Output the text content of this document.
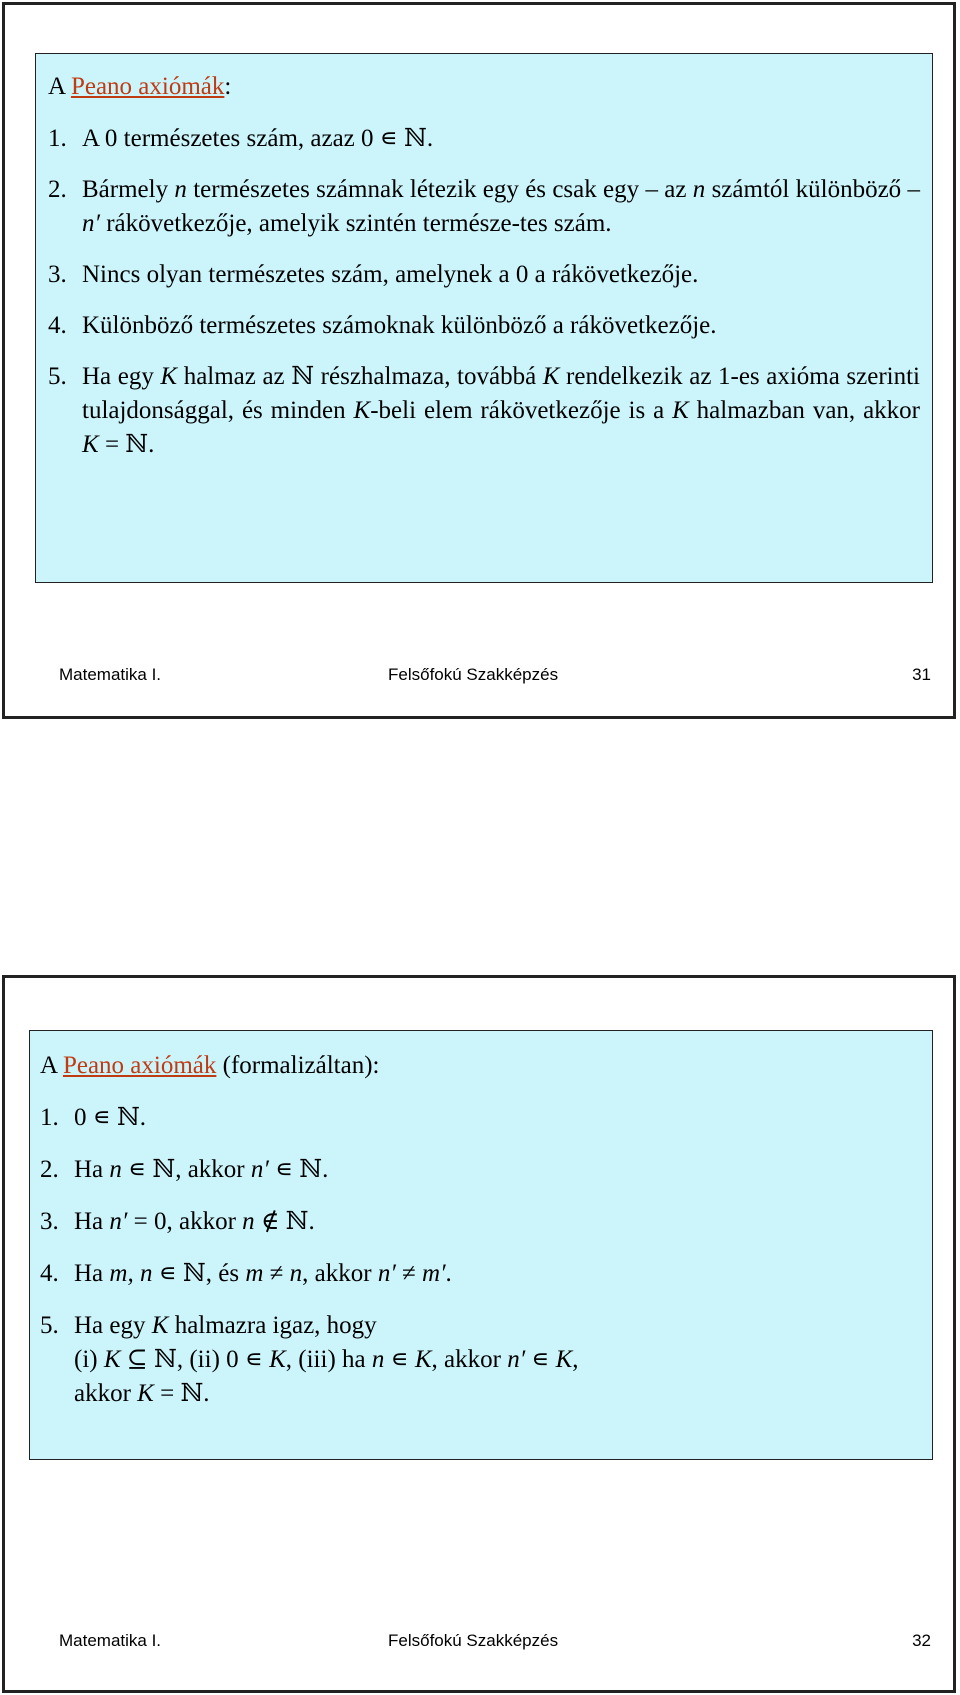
A Peano axiómák:
1. A 0 természetes szám, azaz 0 ∊ ℕ.
2. Bármely n természetes számnak létezik egy és csak egy – az n számtól különböző – n′ rákövetkezője, amelyik szintén természe-tes szám.
3. Nincs olyan természetes szám, amelynek a 0 a rákövetkezője.
4. Különböző természetes számoknak különböző a rákövetkezője.
5. Ha egy K halmaz az ℕ részhalmaza, továbbá K rendelkezik az 1-es axióma szerinti tulajdonsággal, és minden K-beli elem rákövetkezője is a K halmazban van, akkor K = ℕ.
Matematika I.	Felsőfokú Szakképzés	31
A Peano axiómák (formalizáltan):
1. 0 ∊ ℕ.
2. Ha n ∊ ℕ, akkor n′ ∊ ℕ.
3. Ha n′ = 0, akkor n ∉ ℕ.
4. Ha m, n ∊ ℕ, és m ≠ n, akkor n′ ≠ m′.
5. Ha egy K halmazra igaz, hogy
(i) K ⊆ ℕ, (ii) 0 ∊ K, (iii) ha n ∊ K, akkor n′ ∊ K,
akkor K = ℕ.
Matematika I.	Felsőfokú Szakképzés	32
